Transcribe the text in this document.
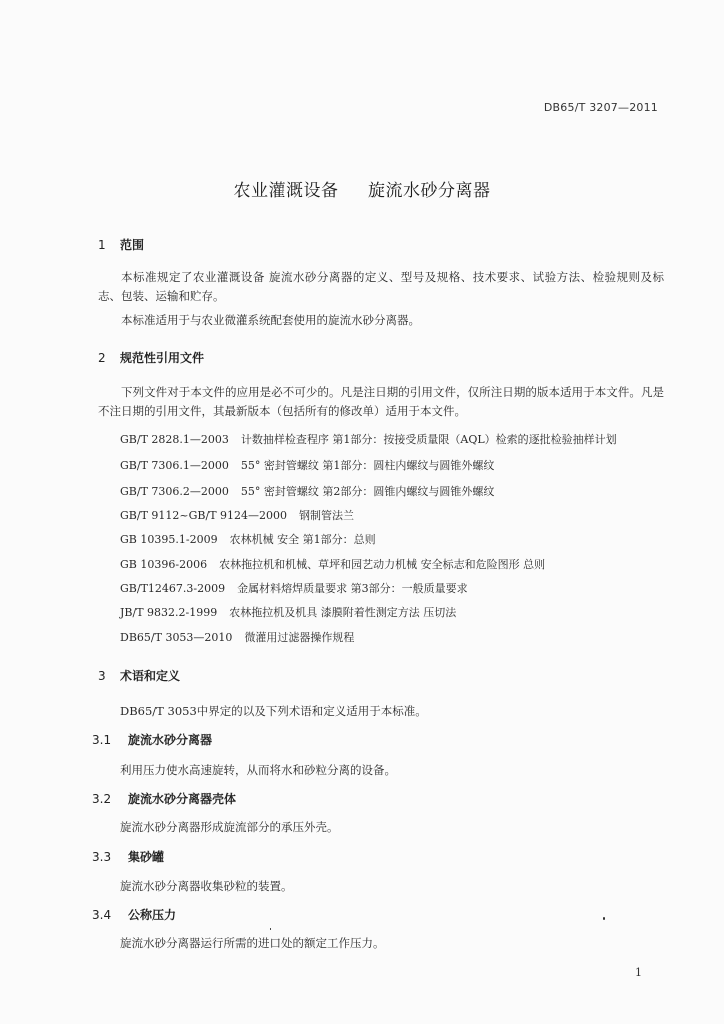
DB65/T 3207—2011
农业灌溉设备 旋流水砂分离器
1 范围
本标准规定了农业灌溉设备 旋流水砂分离器的定义、型号及规格、技术要求、试验方法、检验规则及标志、包装、运输和贮存。
本标准适用于与农业微灌系统配套使用的旋流水砂分离器。
2 规范性引用文件
下列文件对于本文件的应用是必不可少的。凡是注日期的引用文件，仅所注日期的版本适用于本文件。凡是不注日期的引用文件，其最新版本（包括所有的修改单）适用于本文件。
GB/T 2828.1—2003 计数抽样检查程序 第1部分：按接受质量限（AQL）检索的逐批检验抽样计划
GB/T 7306.1—2000 55° 密封管螺纹 第1部分：圆柱内螺纹与圆锥外螺纹
GB/T 7306.2—2000 55° 密封管螺纹 第2部分：圆锥内螺纹与圆锥外螺纹
GB/T 9112~GB/T 9124—2000 钢制管法兰
GB 10395.1-2009 农林机械 安全 第1部分：总则
GB 10396-2006 农林拖拉机和机械、草坪和园艺动力机械 安全标志和危险图形 总则
GB/T12467.3-2009 金属材料熔焊质量要求 第3部分：一般质量要求
JB/T 9832.2-1999 农林拖拉机及机具 漆膜附着性测定方法 压切法
DB65/T 3053—2010 微灌用过滤器操作规程
3 术语和定义
DB65/T 3053中界定的以及下列术语和定义适用于本标准。
3.1 旋流水砂分离器
利用压力使水高速旋转，从而将水和砂粒分离的设备。
3.2 旋流水砂分离器壳体
旋流水砂分离器形成旋流部分的承压外壳。
3.3 集砂罐
旋流水砂分离器收集砂粒的装置。
3.4 公称压力
旋流水砂分离器运行所需的进口处的额定工作压力。
1
